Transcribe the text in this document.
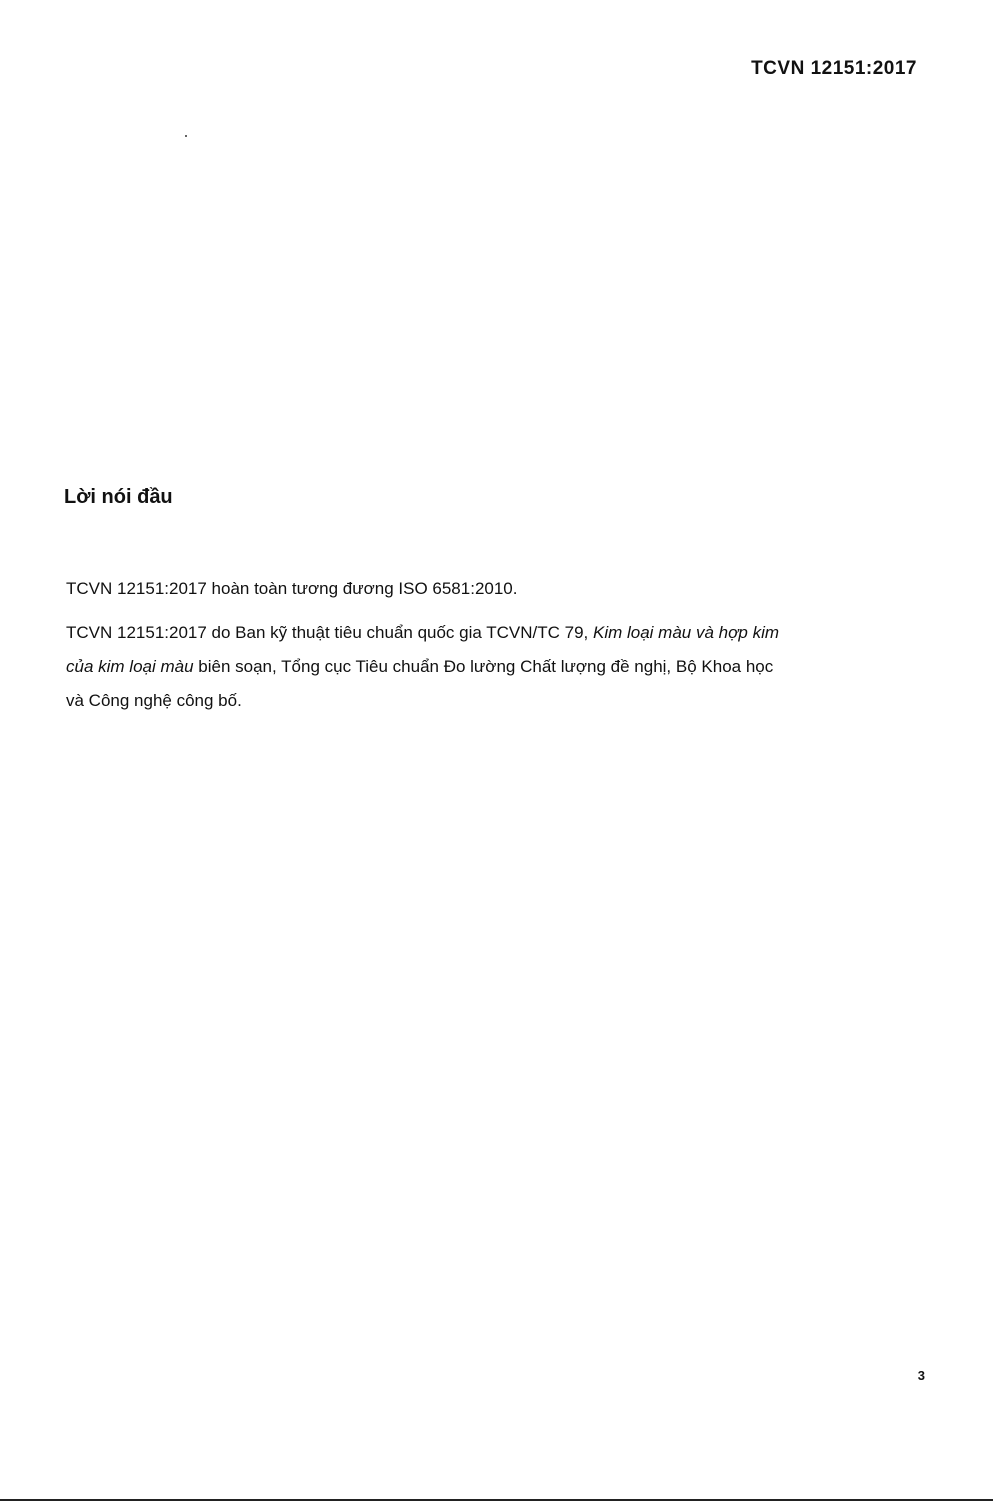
TCVN 12151:2017
Lời nói đầu
TCVN 12151:2017 hoàn toàn tương đương ISO 6581:2010.
TCVN 12151:2017 do Ban kỹ thuật tiêu chuẩn quốc gia TCVN/TC 79, Kim loại màu và hợp kim của kim loại màu biên soạn, Tổng cục Tiêu chuẩn Đo lường Chất lượng đề nghị, Bộ Khoa học và Công nghệ công bố.
3
